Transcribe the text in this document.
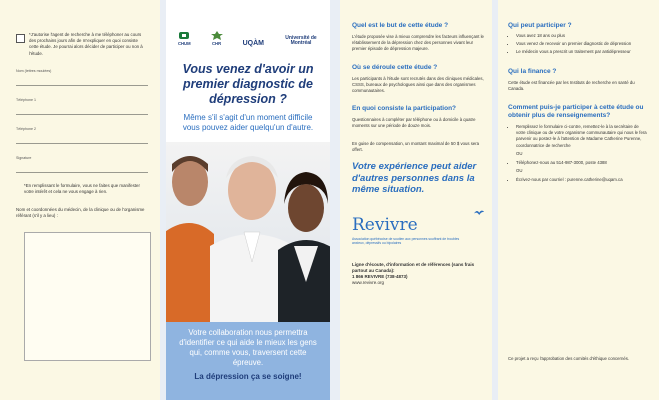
*J'autorise l'agent de recherche à me téléphoner au cours des prochains jours afin de m'expliquer en quoi consiste cette étude. Je pourrai alors décider de participer ou non à l'étude.
Nom (lettres moulées)
Téléphone 1
Téléphone 2
Signature
*En remplissant le formulaire, vous ne faites que manifester votre intérêt et cela ne vous engage à rien.
Nom et coordonnées du médecin, de la clinique ou de l'organisme référant (s'il y a lieu) :
CHUM	CHR	UQÀM
Université de Montréal
Vous venez d'avoir un premier diagnostic de dépression ?
Même s'il s'agit d'un moment difficile vous pouvez aider quelqu'un d'autre.
Votre collaboration nous permettra d'identifier ce qui aide le mieux les gens qui, comme vous, traversent cette épreuve.
La dépression ça se soigne!
Quel est le but de cette étude ?
L'étude proposée vise à mieux comprendre les facteurs influençant le rétablissement de la dépression chez des personnes vivant leur premier épisode de dépression majeure.
Où se déroule cette étude ?
Les participants à l'étude sont recrutés dans des cliniques médicales, CSSS, bureaux de psychologues ainsi que dans des organismes communautaires.
En quoi consiste la participation?
Questionnaires à compléter par téléphone ou à domicile à quatre moments sur une période de douze mois.
En guise de compensation, un montant maximal de 50 $ vous sera offert.
Votre expérience peut aider d'autres personnes dans la même situation.
Revivre
Association québécoise de soutien aux personnes souffrant de troubles anxieux, dépressifs ou bipolaires
Ligne d'écoute, d'information et de références (sans frais partout au Canada):
1 866 REVIVRE (738-4873)
www.revivre.org
Qui peut participer ?
• Vous avez 18 ans ou plus
• Vous venez de recevoir un premier diagnostic de dépression
• Le médecin vous a prescrit un traitement par antidépresseur
Qui la finance ?
Cette étude est financée par les Instituts de recherche en santé du Canada.
Comment puis-je participer à cette étude ou obtenir plus de renseignements?
• Remplissez le formulaire ci-contre, remettez-le à la secrétaire de votre clinique ou de votre organisme communautaire qui nous le fera parvenir ou postez-le à l'attention de Madame Catherine Purenne, coordonnatrice de recherche
OU
• Téléphonez-nous au 514-987-3000, poste 4388
OU
• Écrivez-nous par courriel : purenne.catherine@uqam.ca
Ce projet a reçu l'approbation des comités d'éthique concernés.
